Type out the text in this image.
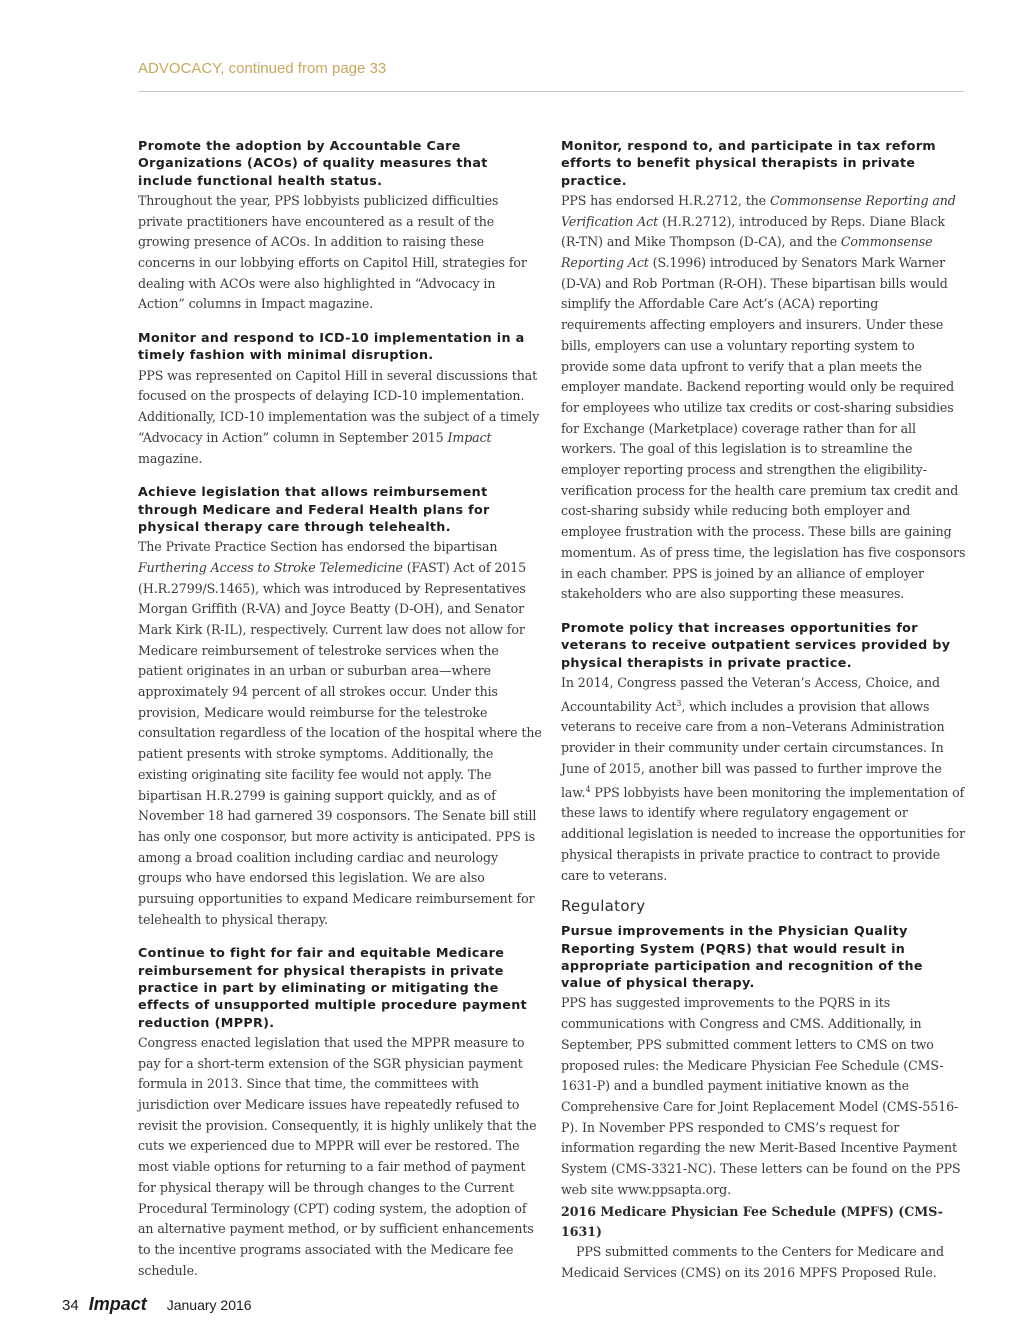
ADVOCACY, continued from page 33

Promote the adoption by Accountable Care Organizations (ACOs) of quality measures that include functional health status.

Throughout the year, PPS lobbyists publicized difficulties private practitioners have encountered as a result of the growing presence of ACOs. In addition to raising these concerns in our lobbying efforts on Capitol Hill, strategies for dealing with ACOs were also highlighted in “Advocacy in Action” columns in Impact magazine.

Monitor and respond to ICD-10 implementation in a timely fashion with minimal disruption.

PPS was represented on Capitol Hill in several discussions that focused on the prospects of delaying ICD-10 implementation. Additionally, ICD-10 implementation was the subject of a timely “Advocacy in Action” column in September 2015 Impact magazine.

Achieve legislation that allows reimbursement through Medicare and Federal Health plans for physical therapy care through telehealth.

The Private Practice Section has endorsed the bipartisan Furthering Access to Stroke Telemedicine (FAST) Act of 2015 (H.R.2799/S.1465), which was introduced by Representatives Morgan Griffith (R-VA) and Joyce Beatty (D-OH), and Senator Mark Kirk (R-IL), respectively. Current law does not allow for Medicare reimbursement of telestroke services when the patient originates in an urban or suburban area—where approximately 94 percent of all strokes occur. Under this provision, Medicare would reimburse for the telestroke consultation regardless of the location of the hospital where the patient presents with stroke symptoms. Additionally, the existing originating site facility fee would not apply. The bipartisan H.R.2799 is gaining support quickly, and as of November 18 had garnered 39 cosponsors. The Senate bill still has only one cosponsor, but more activity is anticipated. PPS is among a broad coalition including cardiac and neurology groups who have endorsed this legislation. We are also pursuing opportunities to expand Medicare reimbursement for telehealth to physical therapy.

Continue to fight for fair and equitable Medicare reimbursement for physical therapists in private practice in part by eliminating or mitigating the effects of unsupported multiple procedure payment reduction (MPPR).

Congress enacted legislation that used the MPPR measure to pay for a short-term extension of the SGR physician payment formula in 2013. Since that time, the committees with jurisdiction over Medicare issues have repeatedly refused to revisit the provision. Consequently, it is highly unlikely that the cuts we experienced due to MPPR will ever be restored. The most viable options for returning to a fair method of payment for physical therapy will be through changes to the Current Procedural Terminology (CPT) coding system, the adoption of an alternative payment method, or by sufficient enhancements to the incentive programs associated with the Medicare fee schedule.

Monitor, respond to, and participate in tax reform efforts to benefit physical therapists in private practice.

PPS has endorsed H.R.2712, the Commonsense Reporting and Verification Act (H.R.2712), introduced by Reps. Diane Black (R-TN) and Mike Thompson (D-CA), and the Commonsense Reporting Act (S.1996) introduced by Senators Mark Warner (D-VA) and Rob Portman (R-OH). These bipartisan bills would simplify the Affordable Care Act’s (ACA) reporting requirements affecting employers and insurers. Under these bills, employers can use a voluntary reporting system to provide some data upfront to verify that a plan meets the employer mandate. Backend reporting would only be required for employees who utilize tax credits or cost-sharing subsidies for Exchange (Marketplace) coverage rather than for all workers. The goal of this legislation is to streamline the employer reporting process and strengthen the eligibility-verification process for the health care premium tax credit and cost-sharing subsidy while reducing both employer and employee frustration with the process. These bills are gaining momentum. As of press time, the legislation has five cosponsors in each chamber. PPS is joined by an alliance of employer stakeholders who are also supporting these measures.

Promote policy that increases opportunities for veterans to receive outpatient services provided by physical therapists in private practice.

In 2014, Congress passed the Veteran’s Access, Choice, and Accountability Act$^3$, which includes a provision that allows veterans to receive care from a non–Veterans Administration provider in their community under certain circumstances. In June of 2015, another bill was passed to further improve the law.$^4$ PPS lobbyists have been monitoring the implementation of these laws to identify where regulatory engagement or additional legislation is needed to increase the opportunities for physical therapists in private practice to contract to provide care to veterans.

Regulatory

Pursue improvements in the Physician Quality Reporting System (PQRS) that would result in appropriate participation and recognition of the value of physical therapy.

PPS has suggested improvements to the PQRS in its communications with Congress and CMS. Additionally, in September, PPS submitted comment letters to CMS on two proposed rules: the Medicare Physician Fee Schedule (CMS-1631-P) and a bundled payment initiative known as the Comprehensive Care for Joint Replacement Model (CMS-5516-P). In November PPS responded to CMS’s request for information regarding the new Merit-Based Incentive Payment System (CMS-3321-NC). These letters can be found on the PPS web site www.ppsapta.org.

2016 Medicare Physician Fee Schedule (MPFS) (CMS-1631)

PPS submitted comments to the Centers for Medicare and Medicaid Services (CMS) on its 2016 MPFS Proposed Rule.

34 Impact January 2016
